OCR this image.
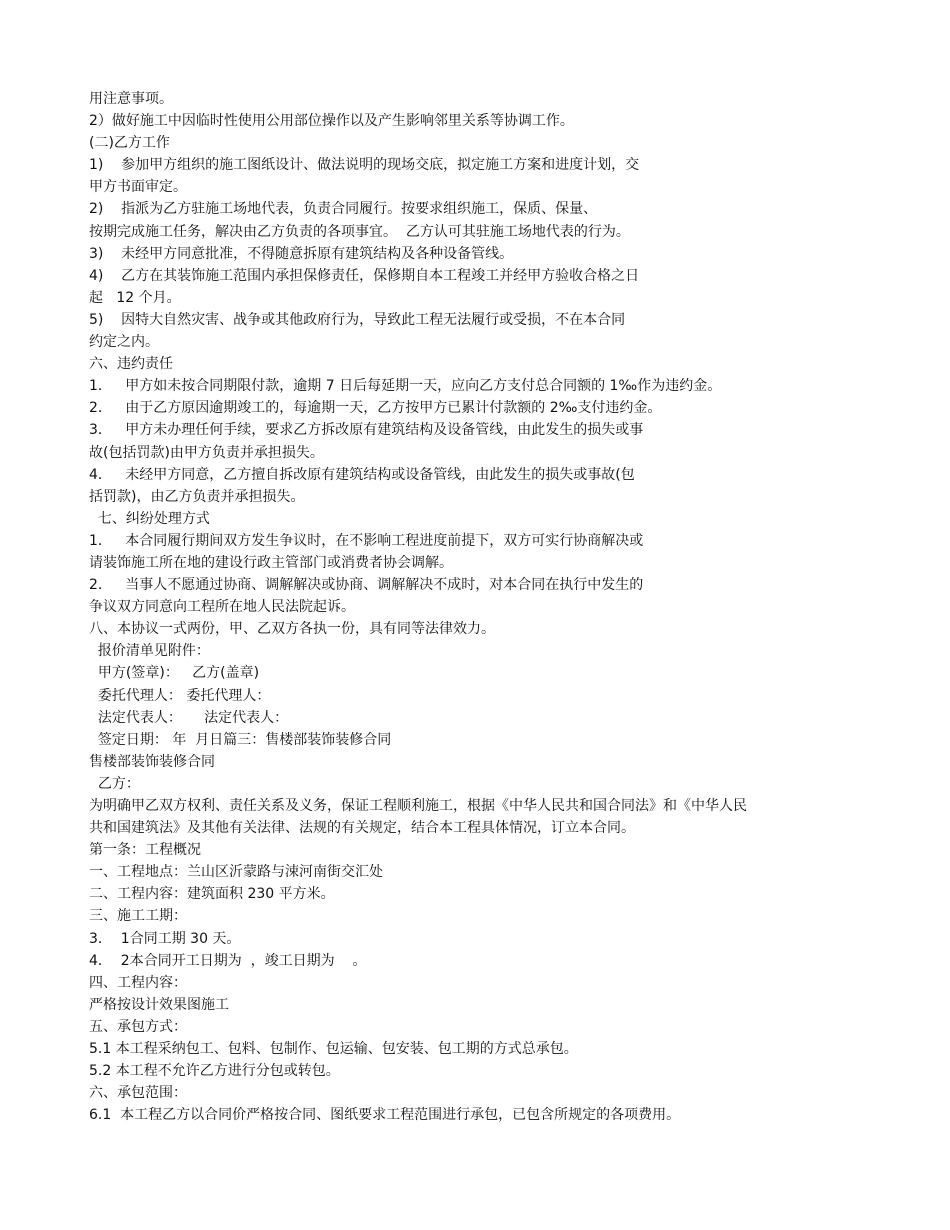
用注意事项。
2）做好施工中因临时性使用公用部位操作以及产生影响邻里关系等协调工作。
(二)乙方工作
1)    参加甲方组织的施工图纸设计、做法说明的现场交底，拟定施工方案和进度计划，交
甲方书面审定。
2)    指派为乙方驻施工场地代表，负责合同履行。按要求组织施工，保质、保量、
按期完成施工任务，解决由乙方负责的各项事宜。  乙方认可其驻施工场地代表的行为。
3)    未经甲方同意批准，不得随意拆原有建筑结构及各种设备管线。
4)    乙方在其装饰施工范围内承担保修责任，保修期自本工程竣工并经甲方验收合格之日
起   12 个月。
5)    因特大自然灾害、战争或其他政府行为，导致此工程无法履行或受损，不在本合同
约定之内。
六、违约责任
1．   甲方如未按合同期限付款，逾期 7 日后每延期一天，应向乙方支付总合同额的 1‰作为违约金。
2．   由于乙方原因逾期竣工的，每逾期一天，乙方按甲方已累计付款额的 2‰支付违约金。
3．   甲方未办理任何手续，要求乙方拆改原有建筑结构及设备管线，由此发生的损失或事
故(包括罚款)由甲方负责并承担损失。
4．   未经甲方同意，乙方擅自拆改原有建筑结构或设备管线，由此发生的损失或事故(包
括罚款)，由乙方负责并承担损失。
七、纠纷处理方式
1．   本合同履行期间双方发生争议时，在不影响工程进度前提下，双方可实行协商解决或
请装饰施工所在地的建设行政主管部门或消费者协会调解。
2．   当事人不愿通过协商、调解解决或协商、调解解决不成时，对本合同在执行中发生的
争议双方同意向工程所在地人民法院起诉。
八、本协议一式两份，甲、乙双方各执一份，具有同等法律效力。
报价清单见附件：
甲方(签章)：   乙方(盖章)
委托代理人： 委托代理人：
法定代表人：     法定代表人：
签定日期： 年  月日篇三：售楼部装饰装修合同
售楼部装饰装修合同
乙方：
为明确甲乙双方权利、责任关系及义务，保证工程顺利施工，根据《中华人民共和国合同法》和《中华人民
共和国建筑法》及其他有关法律、法规的有关规定，结合本工程具体情况，订立本合同。
第一条：工程概况
一、工程地点：兰山区沂蒙路与涑河南街交汇处
二、工程内容：建筑面积 230 平方米。
三、施工工期：
3．  1合同工期 30 天。
4．  2本合同开工日期为  ，竣工日期为    。
四、工程内容：
严格按设计效果图施工
五、承包方式：
5.1 本工程采纳包工、包料、包制作、包运输、包安装、包工期的方式总承包。
5.2 本工程不允许乙方进行分包或转包。
六、承包范围：
6.1  本工程乙方以合同价严格按合同、图纸要求工程范围进行承包，已包含所规定的各项费用。
